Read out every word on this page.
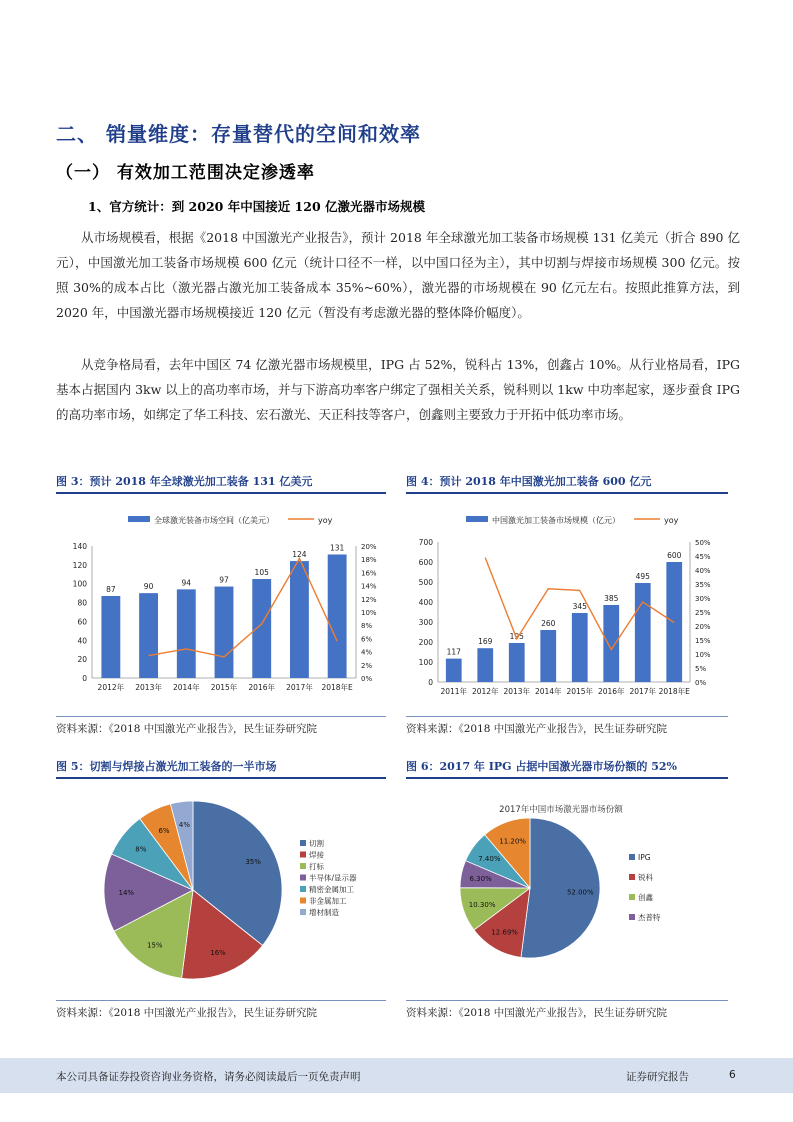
二、 销量维度：存量替代的空间和效率
（一） 有效加工范围决定渗透率
1、官方统计：到 2020 年中国接近 120 亿激光器市场规模
从市场规模看，根据《2018 中国激光产业报告》，预计 2018 年全球激光加工装备市场规模 131 亿美元（折合 890 亿元），中国激光加工装备市场规模 600 亿元（统计口径不一样，以中国口径为主），其中切割与焊接市场规模 300 亿元。按照 30%的成本占比（激光器占激光加工装备成本 35%~60%），激光器的市场规模在 90 亿元左右。按照此推算方法，到 2020 年，中国激光器市场规模接近 120 亿元（暂没有考虑激光器的整体降价幅度）。
从竞争格局看，去年中国区 74 亿激光器市场规模里，IPG 占 52%，锐科占 13%，创鑫占 10%。从行业格局看，IPG 基本占据国内 3kw 以上的高功率市场，并与下游高功率客户绑定了强相关关系，锐科则以 1kw 中功率起家，逐步蚕食 IPG 的高功率市场，如绑定了华工科技、宏石激光、天正科技等客户，创鑫则主要致力于开拓中低功率市场。
图 3：预计 2018 年全球激光加工装备 131 亿美元
全球激光装备市场空间（亿美元）	yoy
0
20
40
60
80
100
120
140
0%
2%
4%
6%
8%
10%
12%
14%
16%
18%
20%
87
2012年
90
2013年
94
2014年
97
2015年
105
2016年
124
2017年
131
2018年E
资料来源：《2018 中国激光产业报告》，民生证券研究院
图 4：预计 2018 年中国激光加工装备 600 亿元
中国激光加工装备市场规模（亿元）	yoy
0
100
200
300
400
500
600
700
0%
5%
10%
15%
20%
25%
30%
35%
40%
45%
50%
117
2011年
169
2012年
195
2013年
260
2014年
345
2015年
385
2016年
495
2017年
600
2018年E
资料来源：《2018 中国激光产业报告》，民生证券研究院
图 5：切割与焊接占激光加工装备的一半市场
35%
16%
15%
14%
8%
6%
4%
切割
焊接
打标
半导体/显示器
精密金属加工
非金属加工
增材制造
资料来源：《2018 中国激光产业报告》，民生证券研究院
图 6：2017 年 IPG 占据中国激光器市场份额的 52%
2017年中国市场激光器市场份额
52.00%
12.69%
10.30%
6.30%
7.40%
11.20%
IPG
锐科
创鑫
杰普特
资料来源：《2018 中国激光产业报告》，民生证券研究院
本公司具备证券投资咨询业务资格，请务必阅读最后一页免责声明	证券研究报告	6
